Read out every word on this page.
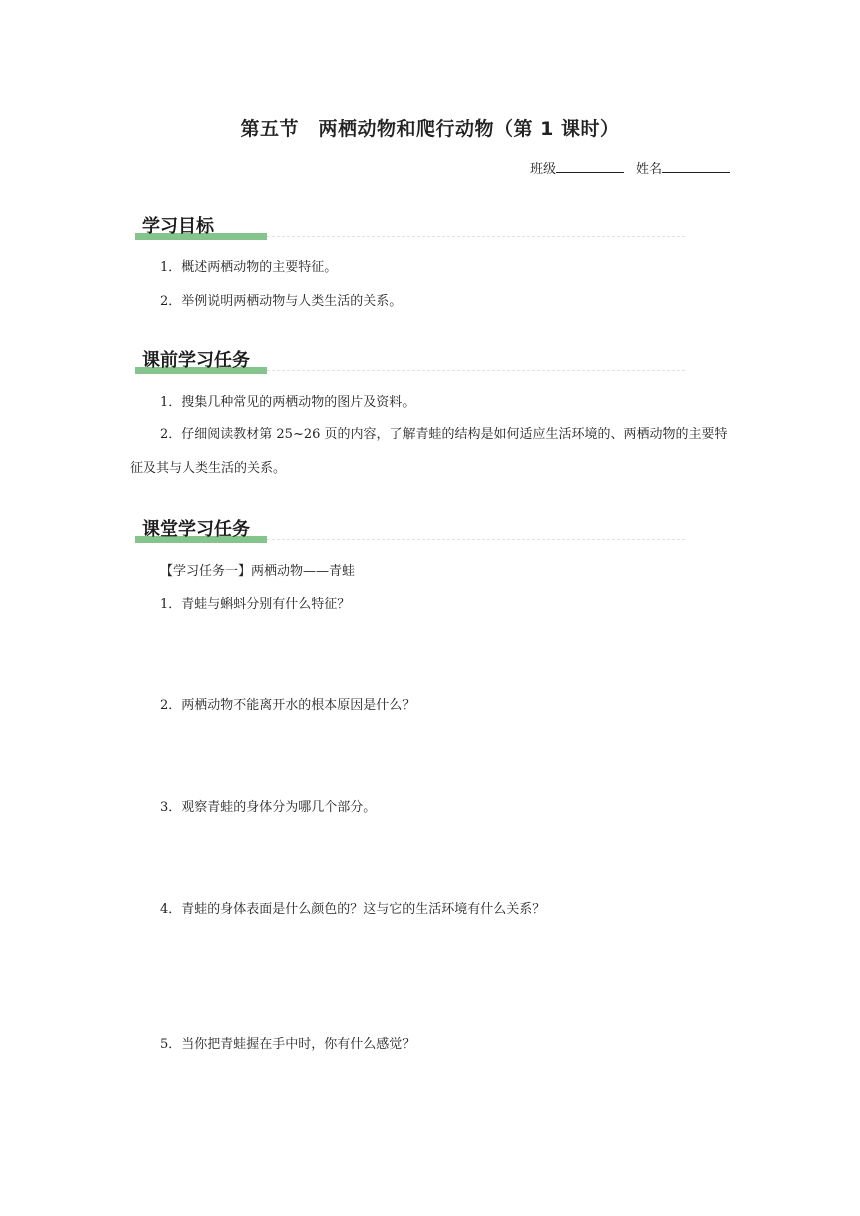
第五节　两栖动物和爬行动物（第 1 课时）
班级	姓名
学习目标
1．概述两栖动物的主要特征。
2．举例说明两栖动物与人类生活的关系。
课前学习任务
1．搜集几种常见的两栖动物的图片及资料。
2．仔细阅读教材第 25~26 页的内容，了解青蛙的结构是如何适应生活环境的、两栖动物的主要特征及其与人类生活的关系。
课堂学习任务
【学习任务一】两栖动物——青蛙
1．青蛙与蝌蚪分别有什么特征？
2．两栖动物不能离开水的根本原因是什么？
3．观察青蛙的身体分为哪几个部分。
4．青蛙的身体表面是什么颜色的？这与它的生活环境有什么关系？
5．当你把青蛙握在手中时，你有什么感觉？
